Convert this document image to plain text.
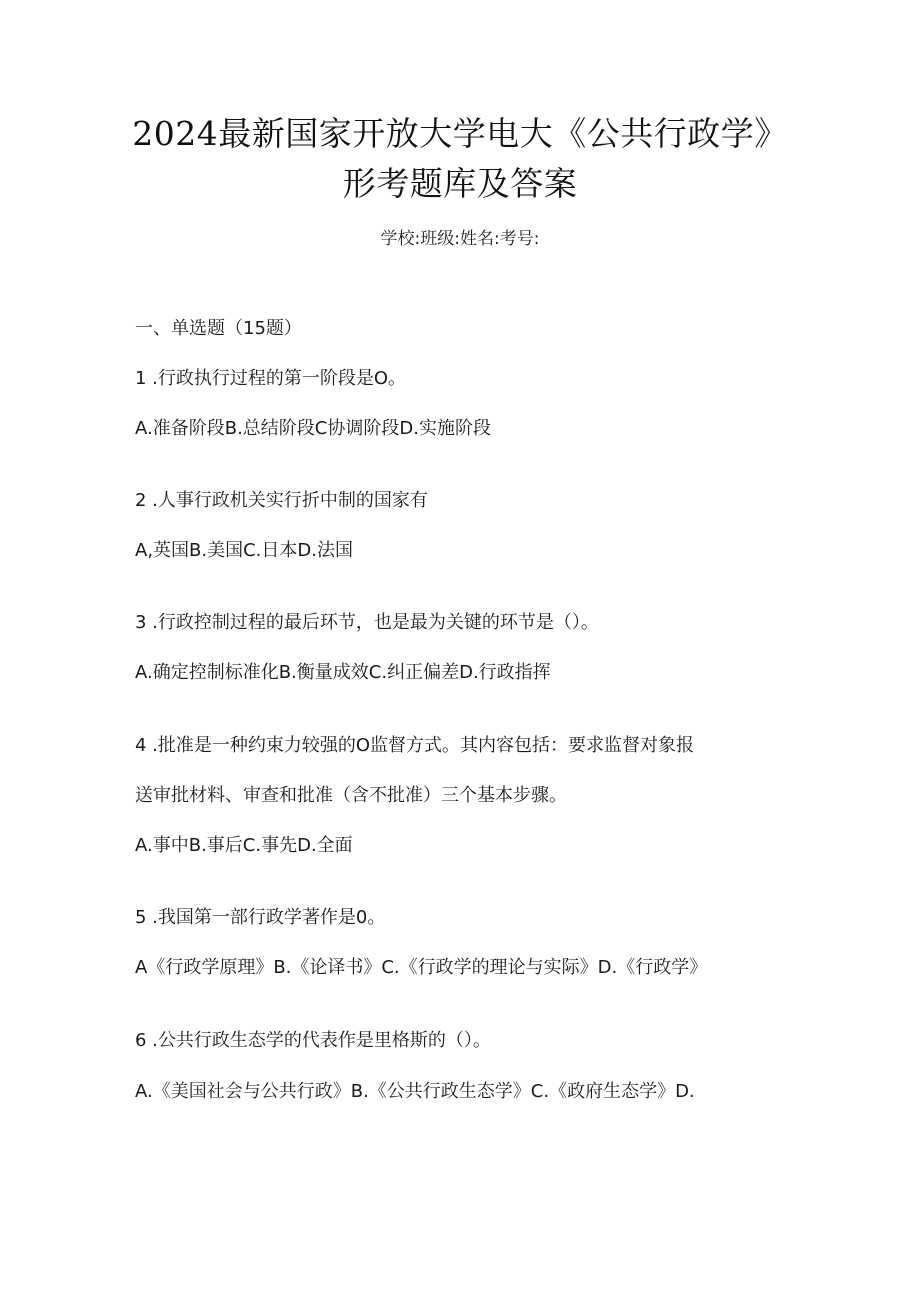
2024最新国家开放大学电大《公共行政学》
形考题库及答案
学校:班级:姓名:考号:
一、单选题（15题）
1 .行政执行过程的第一阶段是O。
A.准备阶段B.总结阶段C协调阶段D.实施阶段
2 .人事行政机关实行折中制的国家有
A,英国B.美国C.日本D.法国
3 .行政控制过程的最后环节，也是最为关键的环节是（）。
A.确定控制标准化B.衡量成效C.纠正偏差D.行政指挥
4 .批准是一种约束力较强的O监督方式。其内容包括：要求监督对象报
送审批材料、审查和批准（含不批准）三个基本步骤。
A.事中B.事后C.事先D.全面
5 .我国第一部行政学著作是0。
A《行政学原理》B.《论译书》C.《行政学的理论与实际》D.《行政学》
6 .公共行政生态学的代表作是里格斯的（）。
A.《美国社会与公共行政》B.《公共行政生态学》C.《政府生态学》D.
